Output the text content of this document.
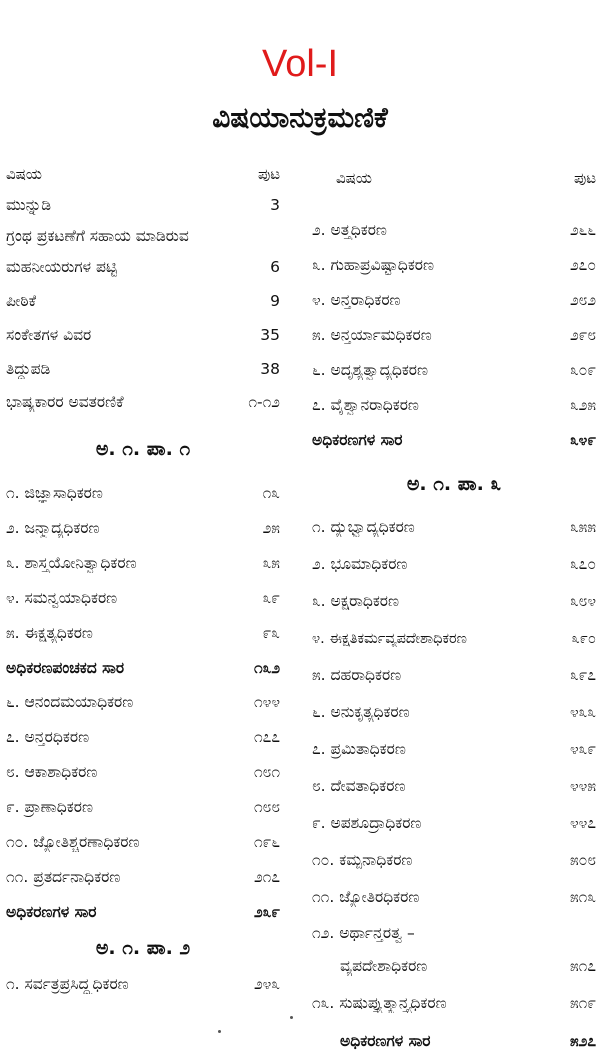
Vol-I
ವಿಷಯಾನುಕ್ರಮಣಿಕೆ
ವಿಷಯ	ಪುಟ
ಮುನ್ನುಡಿ	3
ಗ್ರಂಥ ಪ್ರಕಟಣೆಗೆ ಸಹಾಯ ಮಾಡಿರುವ
ಮಹನೀಯರುಗಳ ಪಟ್ಟಿ	6
ಪೀಠಿಕೆ	9
ಸಂಕೇತಗಳ ವಿವರ	35
ತಿದ್ದುಪಡಿ	38
ಭಾಷ್ಯಕಾರರ ಅವತರಣಿಕೆ	೧-೧೨
ಅ. ೧. ಪಾ. ೧
೧. ಜಿಜ್ಞಾಸಾಧಿಕರಣ	೧೩
೨. ಜನ್ಮಾದ್ಯಧಿಕರಣ	೨೫
೩. ಶಾಸ್ತ್ರಯೋನಿತ್ವಾಧಿಕರಣ	೩೫
೪. ಸಮನ್ವಯಾಧಿಕರಣ	೩೯
೫. ಈಕ್ಷತ್ಯಧಿಕರಣ	೯೩
ಅಧಿಕರಣಪಂಚಕದ ಸಾರ	೧೩೨
೬. ಆನಂದಮಯಾಧಿಕರಣ	೧೪೪
೭. ಅನ್ತರಧಿಕರಣ	೧೭೭
೮. ಆಕಾಶಾಧಿಕರಣ	೧೮೧
೯. ಪ್ರಾಣಾಧಿಕರಣ	೧೮೮
೧೦. ಜ್ಯೋತಿಶ್ಚರಣಾಧಿಕರಣ	೧೯೬
೧೧. ಪ್ರತರ್ದನಾಧಿಕರಣ	೨೧೭
ಅಧಿಕರಣಗಳ ಸಾರ	೨೩೯
ಅ. ೧. ಪಾ. ೨
೧. ಸರ್ವತ್ರಪ್ರಸಿದ್ಧ್ಯಧಿಕರಣ	೨೪೩
ವಿಷಯ	ಪುಟ
೨. ಅತ್ತ್ರಧಿಕರಣ	೨೬೬
೩. ಗುಹಾಪ್ರವಿಷ್ಟಾಧಿಕರಣ	೨೭೦
೪. ಅನ್ತರಾಧಿಕರಣ	೨೮೨
೫. ಅನ್ತರ್ಯಾಮಧಿಕರಣ	೨೯೮
೬. ಅದೃಶ್ಯತ್ವಾದ್ಯಧಿಕರಣ	೩೦೯
೭. ವೈಶ್ವಾನರಾಧಿಕರಣ	೩೨೫
ಅಧಿಕರಣಗಳ ಸಾರ	೩೪೯
ಅ. ೧. ಪಾ. ೩
೧. ದ್ಯುಭ್ವಾದ್ಯಧಿಕರಣ	೩೫೫
೨. ಭೂಮಾಧಿಕರಣ	೩೭೦
೩. ಅಕ್ಷರಾಧಿಕರಣ	೩೮೪
೪. ಈಕ್ಷತಿಕರ್ಮವ್ಯಪದೇಶಾಧಿಕರಣ	೩೯೦
೫. ದಹರಾಧಿಕರಣ	೩೯೭
೬. ಅನುಕೃತ್ಯಧಿಕರಣ	೪೩೩
೭. ಪ್ರಮಿತಾಧಿಕರಣ	೪೩೯
೮. ದೇವತಾಧಿಕರಣ	೪೪೫
೯. ಅಪಶೂದ್ರಾಧಿಕರಣ	೪೪೭
೧೦. ಕಮ್ಪನಾಧಿಕರಣ	೫೦೮
೧೧. ಜ್ಯೋತಿರಧಿಕರಣ	೫೧೩
೧೨. ಅರ್ಥಾನ್ತರತ್ವ –
ವ್ಯಪದೇಶಾಧಿಕರಣ	೫೧೭
೧೩. ಸುಷುಪ್ತ್ಯುತ್ಕ್ರಾನ್ತ್ಯಧಿಕರಣ	೫೧೯
ಅಧಿಕರಣಗಳ ಸಾರ	೫೨೭
